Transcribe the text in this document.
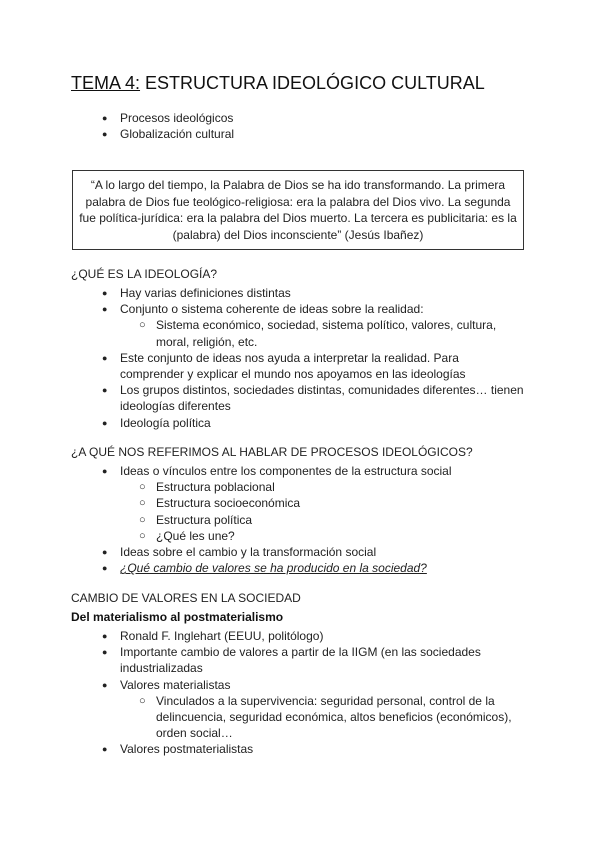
TEMA 4: ESTRUCTURA IDEOLÓGICO CULTURAL
● Procesos ideológicos
● Globalización cultural
“A lo largo del tiempo, la Palabra de Dios se ha ido transformando. La primera
palabra de Dios fue teológico-religiosa: era la palabra del Dios vivo. La segunda
fue política-jurídica: era la palabra del Dios muerto. La tercera es publicitaria: es la
(palabra) del Dios inconsciente” (Jesús Ibañez)
¿QUÉ ES LA IDEOLOGÍA?
● Hay varias definiciones distintas
● Conjunto o sistema coherente de ideas sobre la realidad:
○ Sistema económico, sociedad, sistema político, valores, cultura,
moral, religión, etc.
● Este conjunto de ideas nos ayuda a interpretar la realidad. Para
comprender y explicar el mundo nos apoyamos en las ideologías
● Los grupos distintos, sociedades distintas, comunidades diferentes… tienen
ideologías diferentes
● Ideología política
¿A QUÉ NOS REFERIMOS AL HABLAR DE PROCESOS IDEOLÓGICOS?
● Ideas o vínculos entre los componentes de la estructura social
○ Estructura poblacional
○ Estructura socioeconómica
○ Estructura política
○ ¿Qué les une?
● Ideas sobre el cambio y la transformación social
● ¿Qué cambio de valores se ha producido en la sociedad?
CAMBIO DE VALORES EN LA SOCIEDAD
Del materialismo al postmaterialismo
● Ronald F. Inglehart (EEUU, politólogo)
● Importante cambio de valores a partir de la IIGM (en las sociedades
industrializadas
● Valores materialistas
○ Vinculados a la supervivencia: seguridad personal, control de la
delincuencia, seguridad económica, altos beneficios (económicos),
orden social…
● Valores postmaterialistas
